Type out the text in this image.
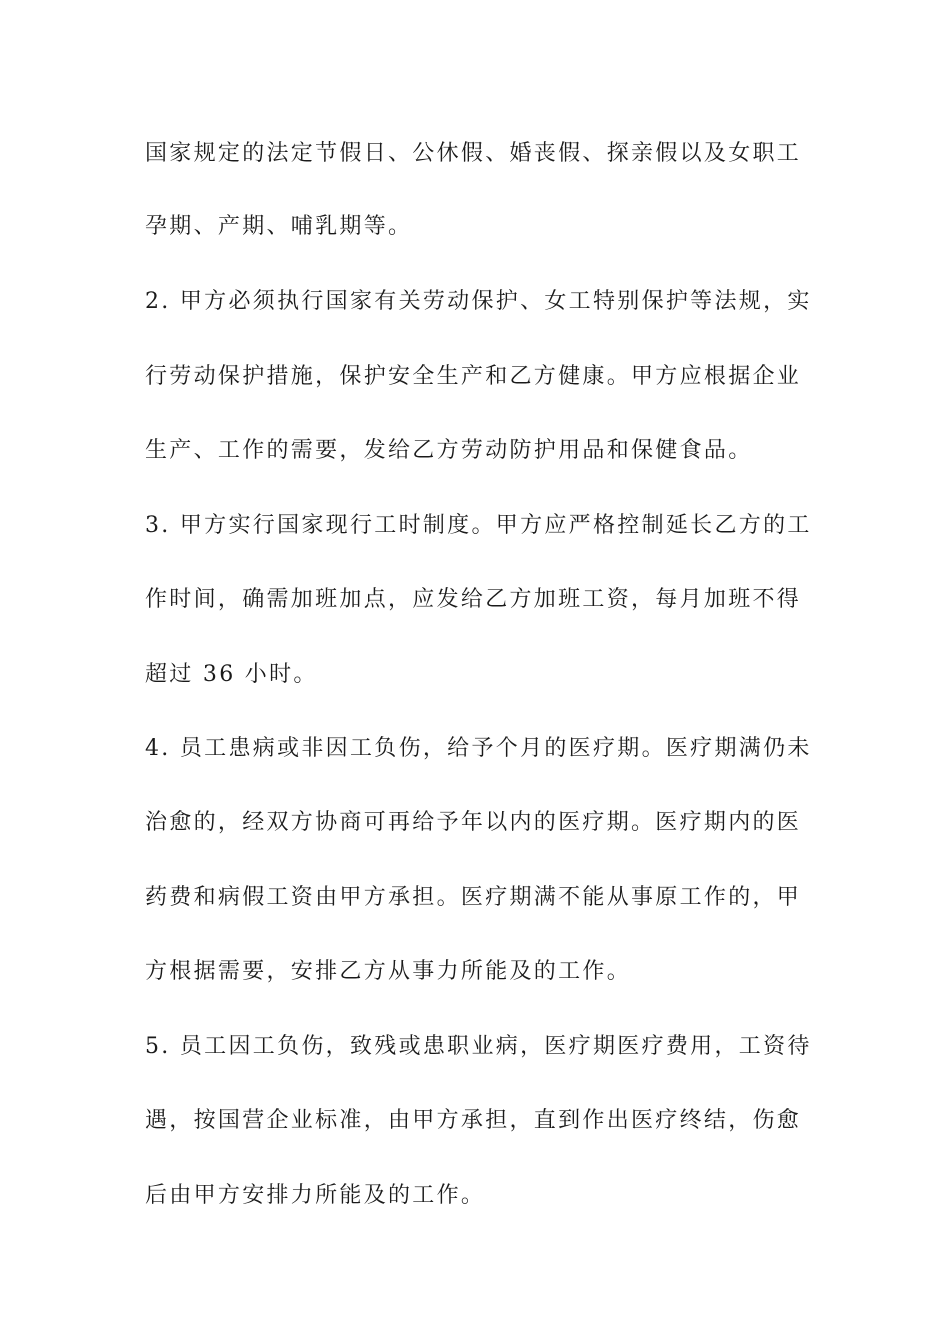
国家规定的法定节假日、公休假、婚丧假、探亲假以及女职工
孕期、产期、哺乳期等。
2. 甲方必须执行国家有关劳动保护、女工特别保护等法规，实
行劳动保护措施，保护安全生产和乙方健康。甲方应根据企业
生产、工作的需要，发给乙方劳动防护用品和保健食品。
3. 甲方实行国家现行工时制度。甲方应严格控制延长乙方的工
作时间，确需加班加点，应发给乙方加班工资，每月加班不得
超过 36 小时。
4. 员工患病或非因工负伤，给予个月的医疗期。医疗期满仍未
治愈的，经双方协商可再给予年以内的医疗期。医疗期内的医
药费和病假工资由甲方承担。医疗期满不能从事原工作的，甲
方根据需要，安排乙方从事力所能及的工作。
5. 员工因工负伤，致残或患职业病，医疗期医疗费用，工资待
遇，按国营企业标准，由甲方承担，直到作出医疗终结，伤愈
后由甲方安排力所能及的工作。
